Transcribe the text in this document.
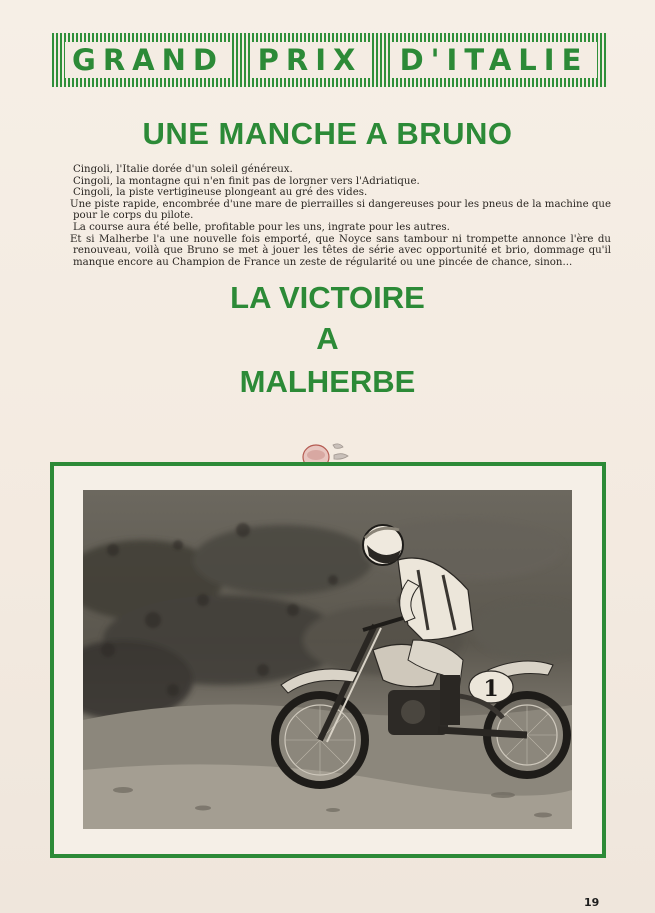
GRAND PRIX D'ITALIE
UNE MANCHE A BRUNO

Cingoli, l'Italie dorée d'un soleil généreux.

Cingoli, la montagne qui n'en finit pas de lorgner vers l'Adriatique.

Cingoli, la piste vertigineuse plongeant au gré des vides.

Une piste rapide, encombrée d'une mare de pierrailles si dangereuses pour les pneus de la machine que pour le corps du pilote.

La course aura été belle, profitable pour les uns, ingrate pour les autres.

Et si Malherbe l'a une nouvelle fois emporté, que Noyce sans tambour ni trompette annonce l'ère du renouveau, voilà que Bruno se met à jouer les têtes de série avec opportunité et brio, dommage qu'il manque encore au Champion de France un zeste de régularité ou une pincée de chance, sinon...

LA VICTOIRE
A
MALHERBE
1
19
